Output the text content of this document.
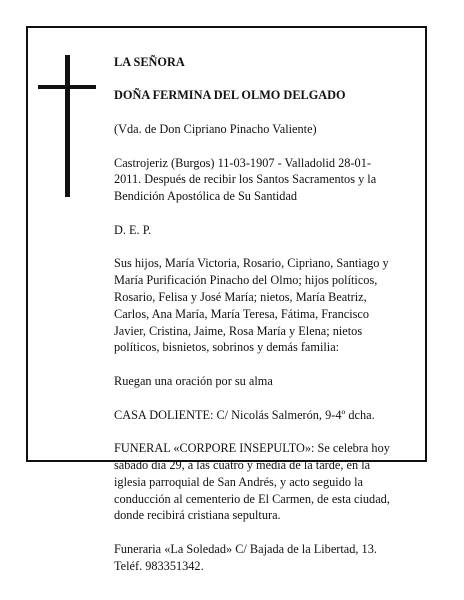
LA SEÑORA

DOÑA FERMINA DEL OLMO DELGADO

(Vda. de Don Cipriano Pinacho Valiente)

Castrojeriz (Burgos) 11-03-1907 - Valladolid 28-01-
2011. Después de recibir los Santos Sacramentos y la
Bendición Apostólica de Su Santidad

D. E. P.

Sus hijos, María Victoria, Rosario, Cipriano, Santiago y
María Purificación Pinacho del Olmo; hijos políticos,
Rosario, Felisa y José María; nietos, María Beatriz,
Carlos, Ana María, María Teresa, Fátima, Francisco
Javier, Cristina, Jaime, Rosa María y Elena; nietos
políticos, bisnietos, sobrinos y demás familia:

Ruegan una oración por su alma

CASA DOLIENTE: C/ Nicolás Salmerón, 9-4º dcha.

FUNERAL «CORPORE INSEPULTO»: Se celebra hoy
sábado día 29, a las cuatro y media de la tarde, en la
iglesia parroquial de San Andrés, y acto seguido la
conducción al cementerio de El Carmen, de esta ciudad,
donde recibirá cristiana sepultura.

Funeraria «La Soledad» C/ Bajada de la Libertad, 13.
Teléf. 983351342.
